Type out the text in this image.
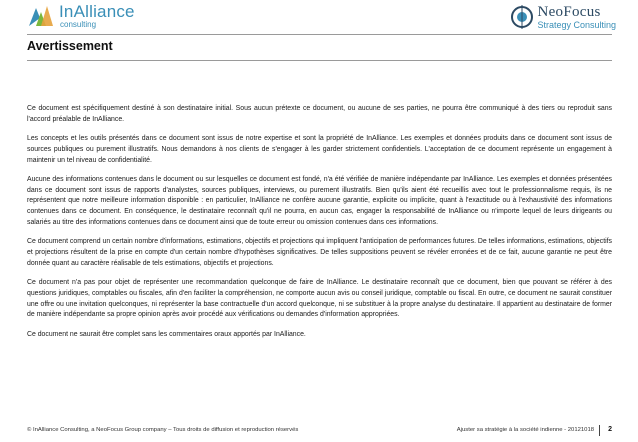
InAlliance
consulting
NeoFocus
Strategy Consulting
Avertissement

Ce document est spécifiquement destiné à son destinataire initial. Sous aucun prétexte ce document, ou aucune de ses parties, ne pourra être communiqué à des tiers ou reproduit sans l'accord préalable de InAlliance.

Les concepts et les outils présentés dans ce document sont issus de notre expertise et sont la propriété de InAlliance. Les exemples et données produits dans ce document sont issus de sources publiques ou purement illustratifs. Nous demandons à nos clients de s'engager à les garder strictement confidentiels. L'acceptation de ce document représente un engagement à maintenir un tel niveau de confidentialité.

Aucune des informations contenues dans le document ou sur lesquelles ce document est fondé, n'a été vérifiée de manière indépendante par InAlliance. Les exemples et données présentées dans ce document sont issus de rapports d'analystes, sources publiques, interviews, ou purement illustratifs. Bien qu'ils aient été recueillis avec tout le professionnalisme requis, ils ne représentent que notre meilleure information disponible : en particulier, InAlliance ne confère aucune garantie, explicite ou implicite, quant à l'exactitude ou à l'exhaustivité des informations contenues dans ce document. En conséquence, le destinataire reconnaît qu'il ne pourra, en aucun cas, engager la responsabilité de InAlliance ou n'importe lequel de leurs dirigeants ou salariés au titre des informations contenues dans ce document ainsi que de toute erreur ou omission contenues dans ces informations.

Ce document comprend un certain nombre d'informations, estimations, objectifs et projections qui impliquent l'anticipation de performances futures. De telles informations, estimations, objectifs et projections résultent de la prise en compte d'un certain nombre d'hypothèses significatives. De telles suppositions peuvent se révéler erronées et de ce fait, aucune garantie ne peut être donnée quant au caractère réalisable de tels estimations, objectifs et projections.

Ce document n'a pas pour objet de représenter une recommandation quelconque de faire de InAlliance. Le destinataire reconnaît que ce document, bien que pouvant se référer à des questions juridiques, comptables ou fiscales, afin d'en faciliter la compréhension, ne comporte aucun avis ou conseil juridique, comptable ou fiscal. En outre, ce document ne saurait constituer une offre ou une invitation quelconques, ni représenter la base contractuelle d'un accord quelconque, ni se substituer à la propre analyse du destinataire. Il appartient au destinataire de former de manière indépendante sa propre opinion après avoir procédé aux vérifications ou demandes d'information appropriées.

Ce document ne saurait être complet sans les commentaires oraux apportés par InAlliance.

© InAlliance Consulting, a NeoFocus Group company – Tous droits de diffusion et reproduction réservés	Ajuster sa stratégie à la société indienne - 20121018 2
